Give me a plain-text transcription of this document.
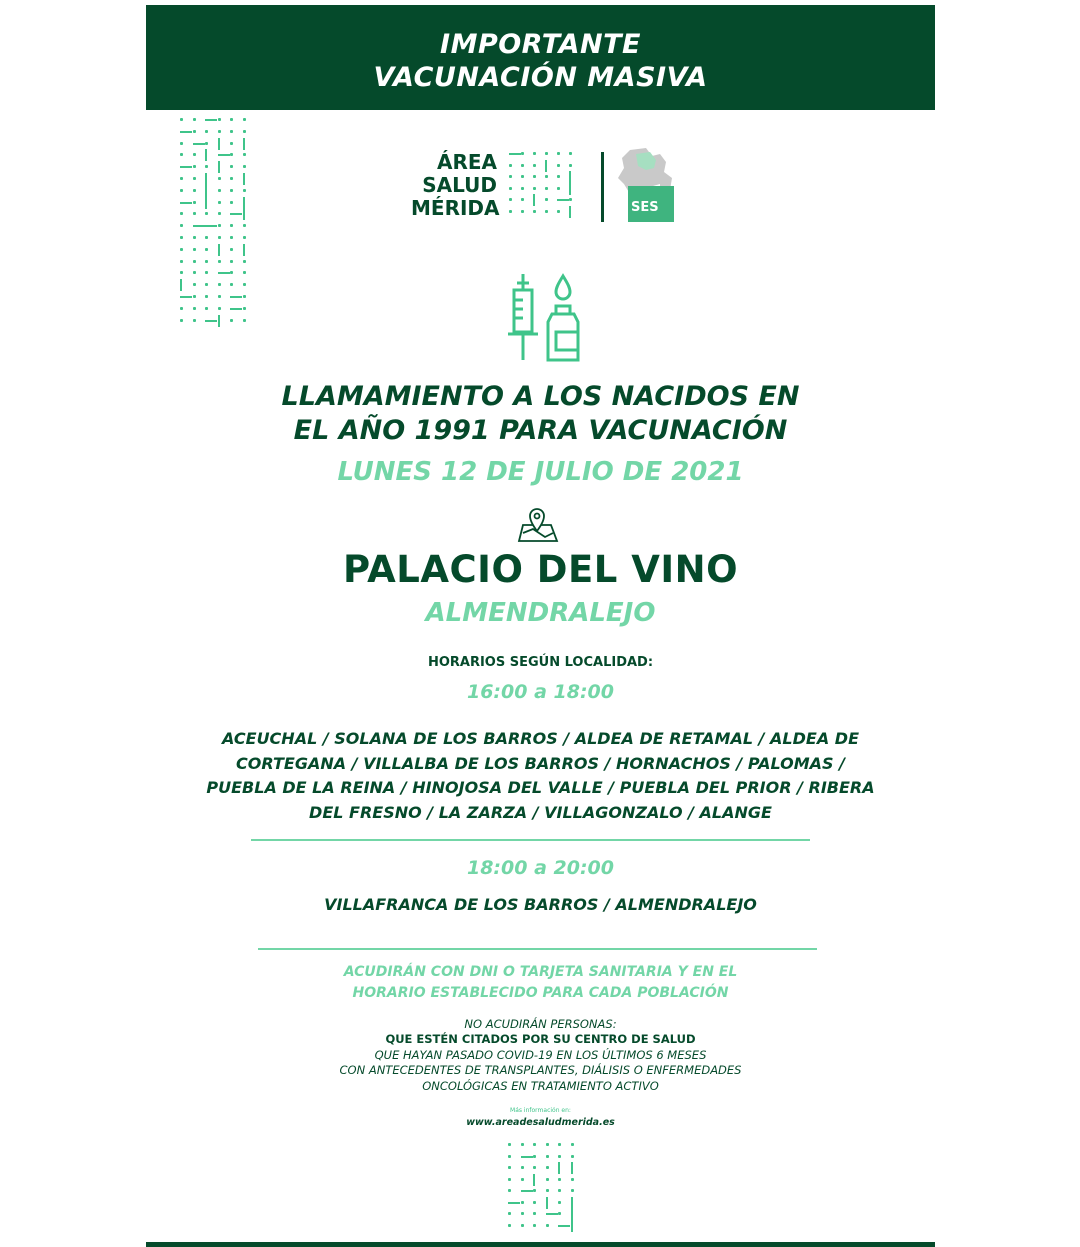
IMPORTANTE
VACUNACIÓN MASIVA
ÁREA
SALUD
MÉRIDA	SES
LLAMAMIENTO A LOS NACIDOS EN
EL AÑO 1991 PARA VACUNACIÓN
LUNES 12 DE JULIO DE 2021
PALACIO DEL VINO
ALMENDRALEJO
HORARIOS SEGÚN LOCALIDAD:
16:00 a 18:00
ACEUCHAL / SOLANA DE LOS BARROS / ALDEA DE RETAMAL / ALDEA DE
CORTEGANA / VILLALBA DE LOS BARROS / HORNACHOS / PALOMAS /
PUEBLA DE LA REINA / HINOJOSA DEL VALLE / PUEBLA DEL PRIOR / RIBERA
DEL FRESNO / LA ZARZA / VILLAGONZALO / ALANGE
18:00 a 20:00
VILLAFRANCA DE LOS BARROS / ALMENDRALEJO
ACUDIRÁN CON DNI O TARJETA SANITARIA Y EN EL
HORARIO ESTABLECIDO PARA CADA POBLACIÓN
NO ACUDIRÁN PERSONAS:
QUE ESTÉN CITADOS POR SU CENTRO DE SALUD
QUE HAYAN PASADO COVID-19 EN LOS ÚLTIMOS 6 MESES
CON ANTECEDENTES DE TRANSPLANTES, DIÁLISIS O ENFERMEDADES
ONCOLÓGICAS EN TRATAMIENTO ACTIVO
Más información en:
www.areadesaludmerida.es
